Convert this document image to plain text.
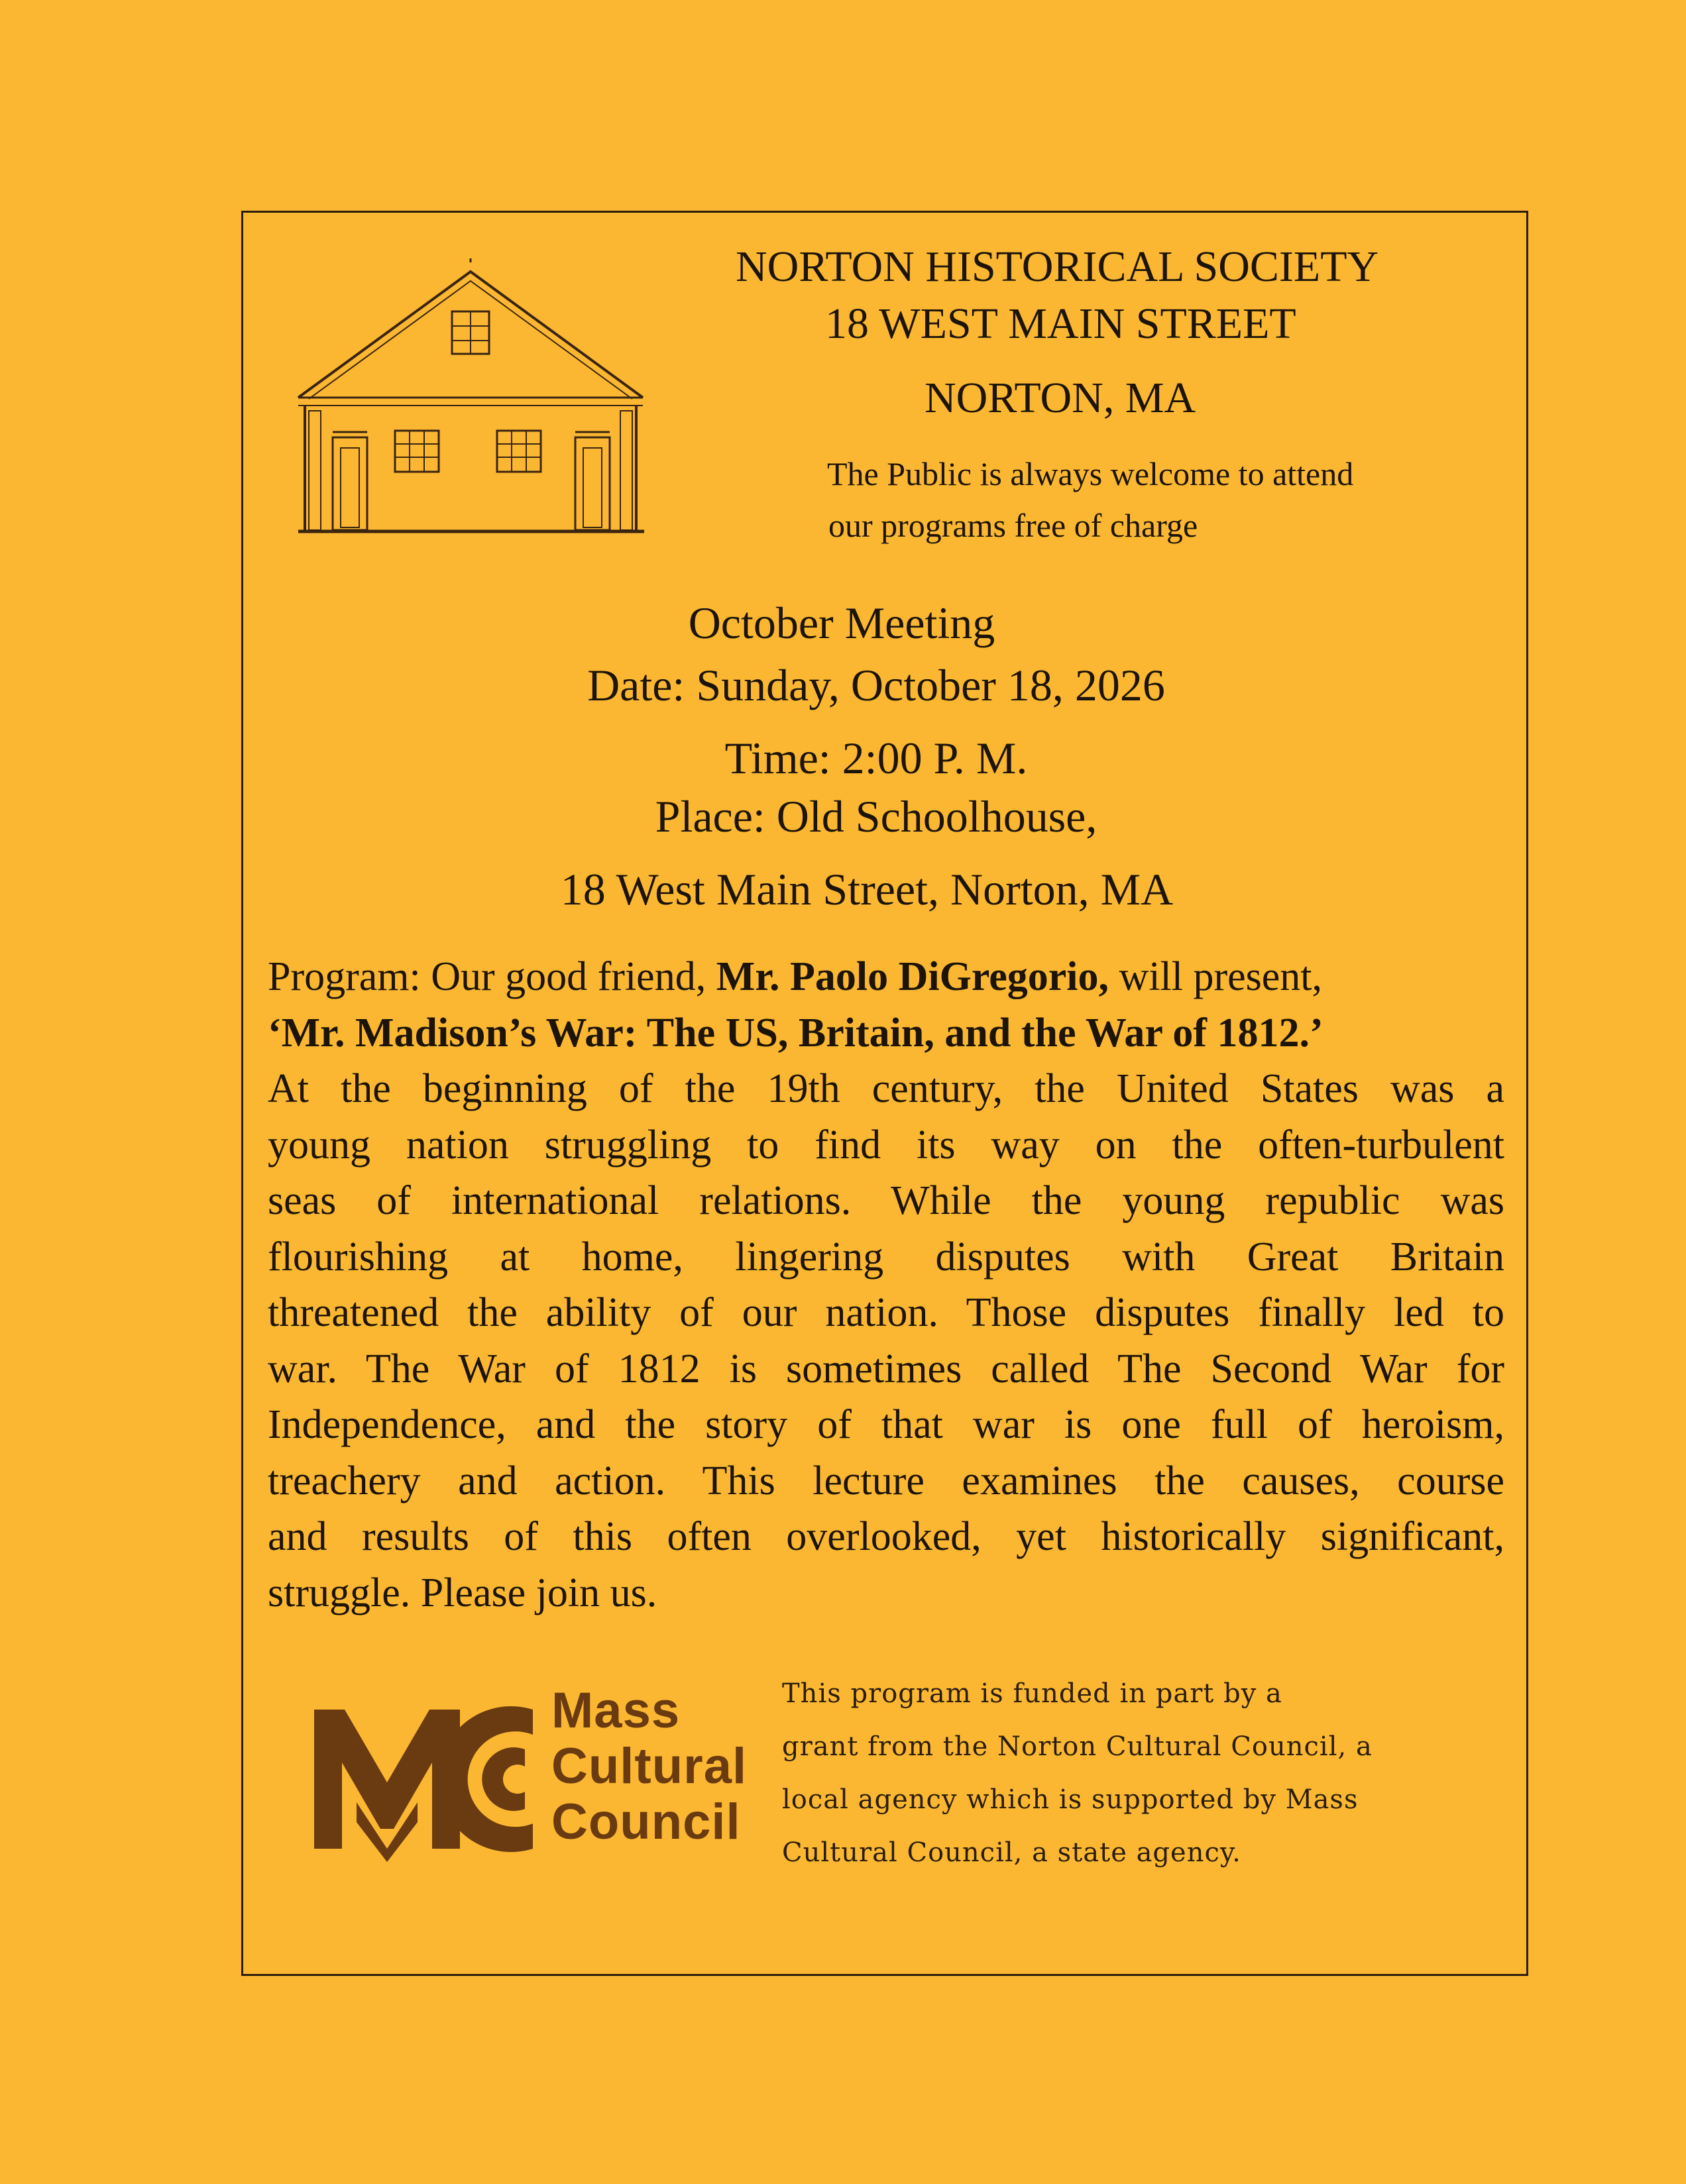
NORTON HISTORICAL SOCIETY
18 WEST MAIN STREET
NORTON, MA
The Public is always welcome to attend
our programs free of charge
October Meeting
Date: Sunday, October 18, 2026
Time: 2:00 P. M.
Place: Old Schoolhouse,
18 West Main Street, Norton, MA
Program: Our good friend, Mr. Paolo DiGregorio, will present,
‘Mr. Madison’s War: The US, Britain, and the War of 1812.’
At the beginning of the 19th century, the United States was a
young nation struggling to find its way on the often-turbulent
seas of international relations. While the young republic was
flourishing at home, lingering disputes with Great Britain
threatened the ability of our nation. Those disputes finally led to
war. The War of 1812 is sometimes called The Second War for
Independence, and the story of that war is one full of heroism,
treachery and action. This lecture examines the causes, course
and results of this often overlooked, yet historically significant,
struggle. Please join us.
Mass
Cultural
Council
This program is funded in part by a
grant from the Norton Cultural Council, a
local agency which is supported by Mass
Cultural Council, a state agency.
